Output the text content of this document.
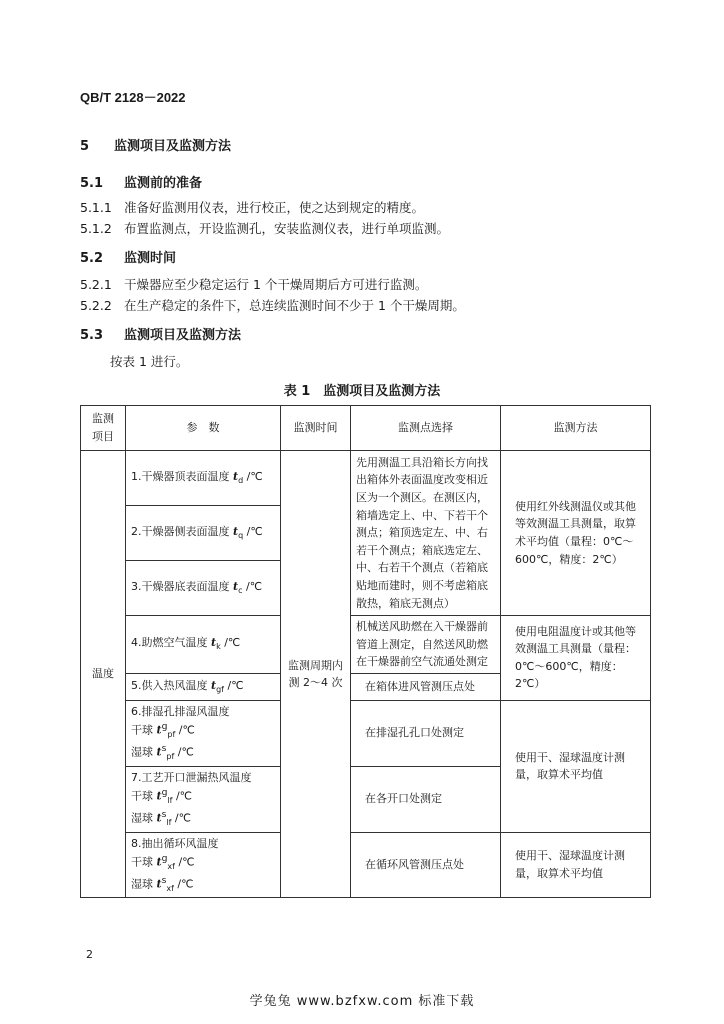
QB/T 2128－2022
5 监测项目及监测方法
5.1 监测前的准备
5.1.1 准备好监测用仪表，进行校正，使之达到规定的精度。
5.1.2 布置监测点，开设监测孔，安装监测仪表，进行单项监测。
5.2 监测时间
5.2.1 干燥器应至少稳定运行 1 个干燥周期后方可进行监测。
5.2.2 在生产稳定的条件下，总连续监测时间不少于 1 个干燥周期。
5.3 监测项目及监测方法
按表 1 进行。
表 1　监测项目及监测方法
监测
项目	参　数	监测时间	监测点选择	监测方法
温度	1.干燥器顶表面温度 $t_d$ /℃	监测周期内测 2～4 次	先用测温工具沿箱长方向找出箱体外表面温度改变相近区为一个测区。在测区内，箱墙选定上、中、下若干个测点；箱顶选定左、中、右若干个测点；箱底选定左、中、右若干个测点（若箱底贴地而建时，则不考虑箱底散热，箱底无测点）	使用红外线测温仪或其他等效测温工具测量，取算术平均值（量程：0℃～600℃，精度：2℃）
	2.干燥器侧表面温度 $t_q$ /℃			
	3.干燥器底表面温度 $t_c$ /℃			
	4.助燃空气温度 $t_k$ /℃		机械送风助燃在入干燥器前管道上测定，自然送风助燃在干燥器前空气流通处测定	使用电阻温度计或其他等效测温工具测量（量程：0℃～600℃，精度：2℃）
	5.供入热风温度 $t_{gf}$ /℃		在箱体进风管测压点处	

	6.排湿孔排湿风温度
干球 $t^g_{pf}$ /℃
湿球 $t^s_{pf}$ /℃		在排湿孔孔口处测定	使用干、湿球温度计测量，取算术平均值

	7.工艺开口泄漏热风温度
干球 $t^g_{lf}$ /℃
湿球 $t^s_{lf}$ /℃		在各开口处测定	

	8.抽出循环风温度
干球 $t^g_{xf}$ /℃
湿球 $t^s_{xf}$ /℃		在循环风管测压点处	使用干、湿球温度计测量，取算术平均值
2
学兔兔 www.bzfxw.com 标准下载
